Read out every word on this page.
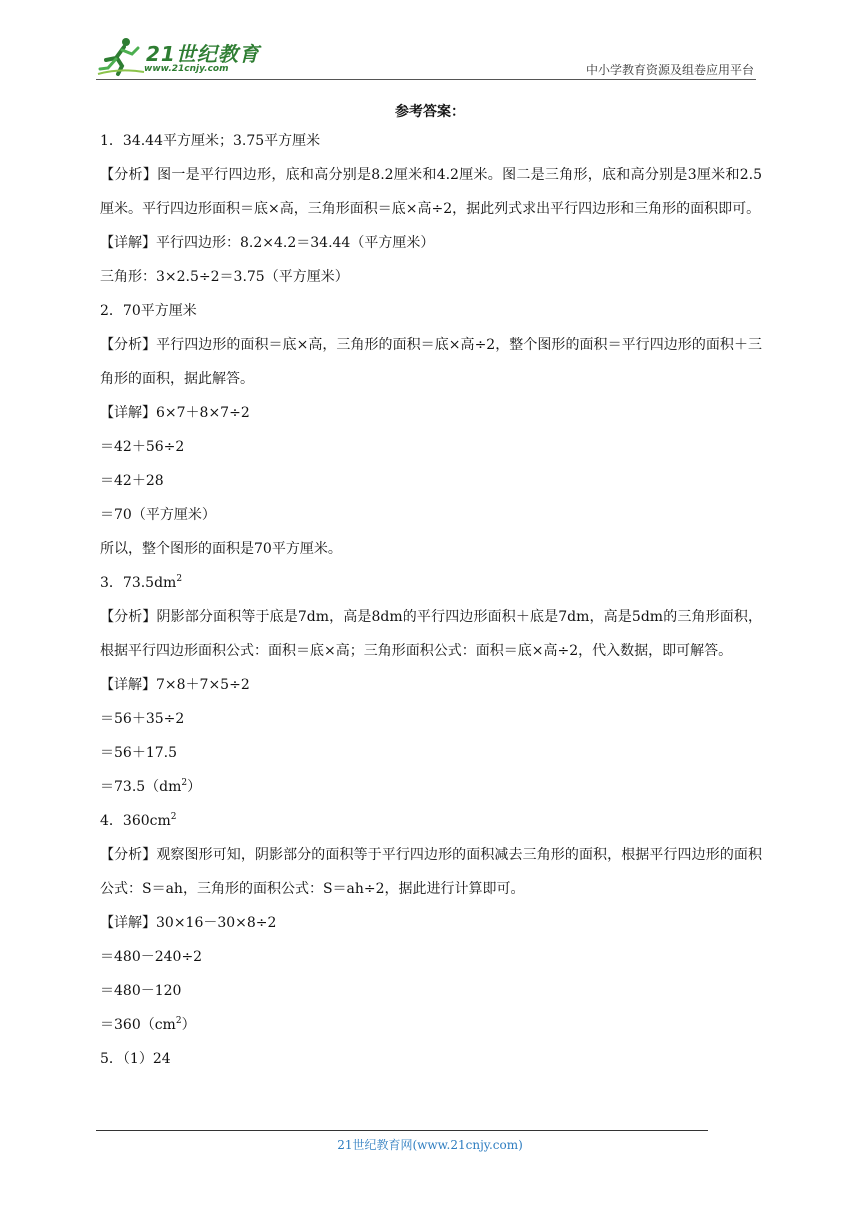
21世纪教育
www.21cnjy.com	中小学教育资源及组卷应用平台
参考答案：

1．34.44平方厘米；3.75平方厘米

【分析】图一是平行四边形，底和高分别是8.2厘米和4.2厘米。图二是三角形，底和高分别是3厘米和2.5厘米。平行四边形面积＝底×高，三角形面积＝底×高÷2，据此列式求出平行四边形和三角形的面积即可。

【详解】平行四边形：8.2×4.2＝34.44（平方厘米）

三角形：3×2.5÷2＝3.75（平方厘米）

2．70平方厘米

【分析】平行四边形的面积＝底×高，三角形的面积＝底×高÷2，整个图形的面积＝平行四边形的面积＋三角形的面积，据此解答。

【详解】6×7＋8×7÷2

＝42＋56÷2

＝42＋28

＝70（平方厘米）

所以，整个图形的面积是70平方厘米。

3．$73.5dm^2$

【分析】阴影部分面积等于底是7dm，高是8dm的平行四边形面积＋底是7dm，高是5dm的三角形面积，根据平行四边形面积公式：面积＝底×高；三角形面积公式：面积＝底×高÷2，代入数据，即可解答。

【详解】7×8＋7×5÷2

＝56＋35÷2

＝56＋17.5

$=73.5(dm^2)$

4．$360cm^2$

【分析】观察图形可知，阴影部分的面积等于平行四边形的面积减去三角形的面积，根据平行四边形的面积公式：S＝ah，三角形的面积公式：S＝ah÷2，据此进行计算即可。

【详解】30×16－30×8÷2

＝480－240÷2

＝480－120

$=360(cm^2)$

5．（1）24

21世纪教育网(www.21cnjy.com)
